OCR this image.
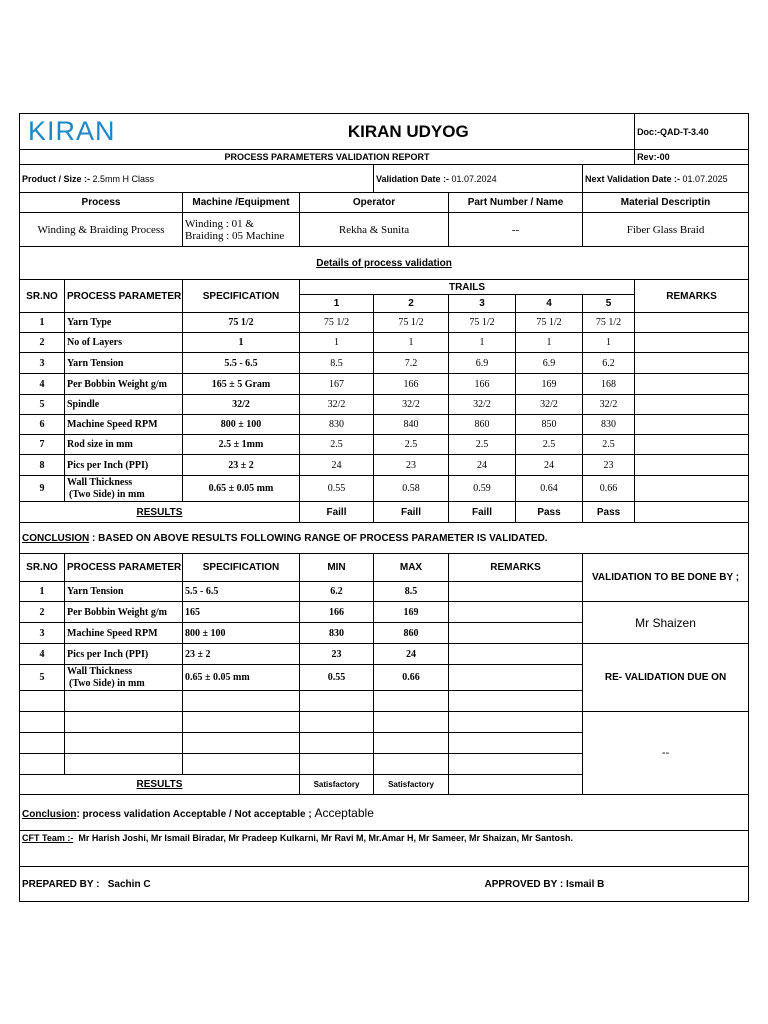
KIRAN		KIRAN UDYOG						Doc:-QAD-T-3.40
PROCESS PARAMETERS VALIDATION REPORT								Rev:-00
Product / Size :- 2.5mm H Class				Validation Date :- 01.07.2024			Next Validation Date :- 01.07.2025	
Process		Machine /Equipment	Operator		Part Number / Name		Material Descriptin	
Winding & Braiding Process		Winding : 01 &
Braiding : 05 Machine	Rekha & Sunita		--		Fiber Glass Braid	
Details of process validation								
SR.NO	PROCESS PARAMETER	SPECIFICATION	TRAILS					REMARKS
			1	2	3	4	5	
1	Yarn Type	75 1/2	75 1/2	75 1/2	75 1/2	75 1/2	75 1/2	
2	No of Layers	1	1	1	1	1	1	
3	Yarn Tension	5.5 - 6.5	8.5	7.2	6.9	6.9	6.2	
4	Per Bobbin Weight g/m	165 ± 5 Gram	167	166	166	169	168	
5	Spindle	32/2	32/2	32/2	32/2	32/2	32/2	
6	Machine Speed RPM	800 ± 100	830	840	860	850	830	
7	Rod size in mm	2.5 ± 1mm	2.5	2.5	2.5	2.5	2.5	
8	Pics per Inch (PPI)	23 ± 2	24	23	24	24	23	
9	Wall Thickness
(Two Side) in mm	0.65 ± 0.05 mm	0.55	0.58	0.59	0.64	0.66	
RESULTS			Faill	Faill	Faill	Pass	Pass	
CONCLUSION : BASED ON ABOVE RESULTS FOLLOWING RANGE OF PROCESS PARAMETER IS VALIDATED.								
SR.NO	PROCESS PARAMETER	SPECIFICATION	MIN	MAX	REMARKS		VALIDATION TO BE DONE BY ;	
1	Yarn Tension	5.5 - 6.5	6.2	8.5				
2	Per Bobbin Weight g/m	165	166	169			Mr Shaizen	
3	Machine Speed RPM	800 ± 100	830	860				
4	Pics per Inch (PPI)	23 ± 2	23	24			RE- VALIDATION DUE ON	
5	Wall Thickness
(Two Side) in mm	0.65 ± 0.05 mm	0.55	0.66				

							--	

RESULTS			Satisfactory	Satisfactory				
Conclusion: process validation Acceptable / Not acceptable ; Acceptable								
CFT Team :- Mr Harish Joshi, Mr Ismail Biradar, Mr Pradeep Kulkarni, Mr Ravi M, Mr.Amar H, Mr Sameer, Mr Shaizan, Mr Santosh.								
PREPARED BY : Sachin C					APPROVED BY : Ismail B			
